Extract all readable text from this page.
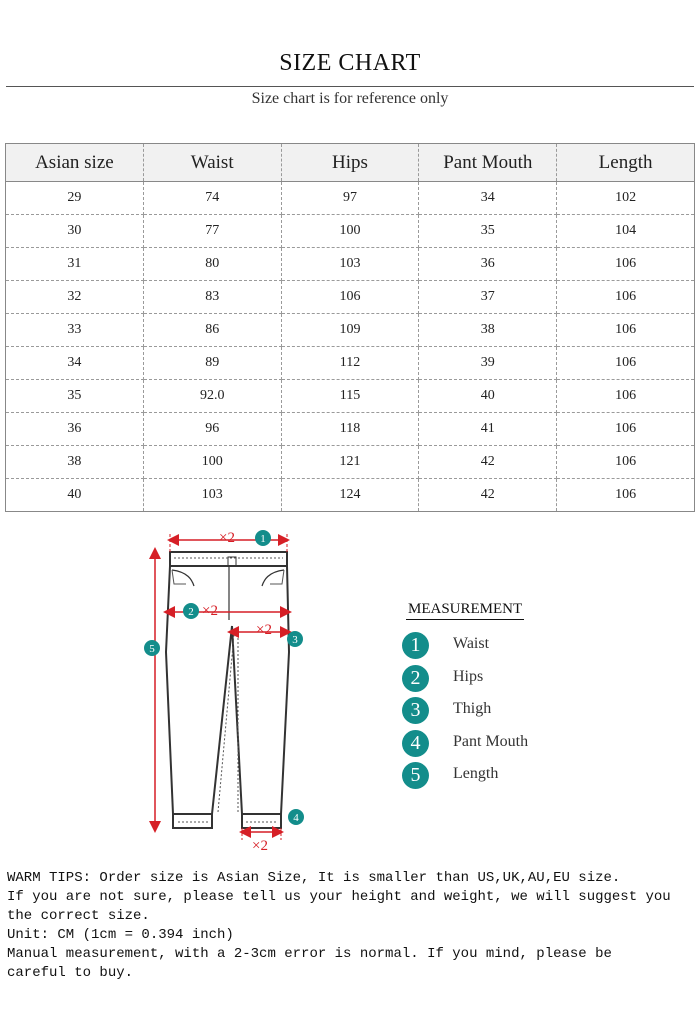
SIZE CHART
Size chart is for reference only
Asian size	Waist	Hips	Pant Mouth	Length
29	74	97	34	102
30	77	100	35	104
31	80	103	36	106
32	83	106	37	106
33	86	109	38	106
34	89	112	39	106
35	92.0	115	40	106
36	96	118	41	106
38	100	121	42	106
40	103	124	42	106
×2
×2
×2
×2
1
2
3
4
5
MEASUREMENT
1	Waist
2	Hips
3	Thigh
4	Pant Mouth
5	Length

WARM TIPS: Order size is Asian Size, It is smaller than US,UK,AU,EU size.

If you are not sure, please tell us your height and weight, we will suggest you the correct size.

Unit: CM (1cm = 0.394 inch)

Manual measurement, with a 2-3cm error is normal. If you mind, please be careful to buy.
